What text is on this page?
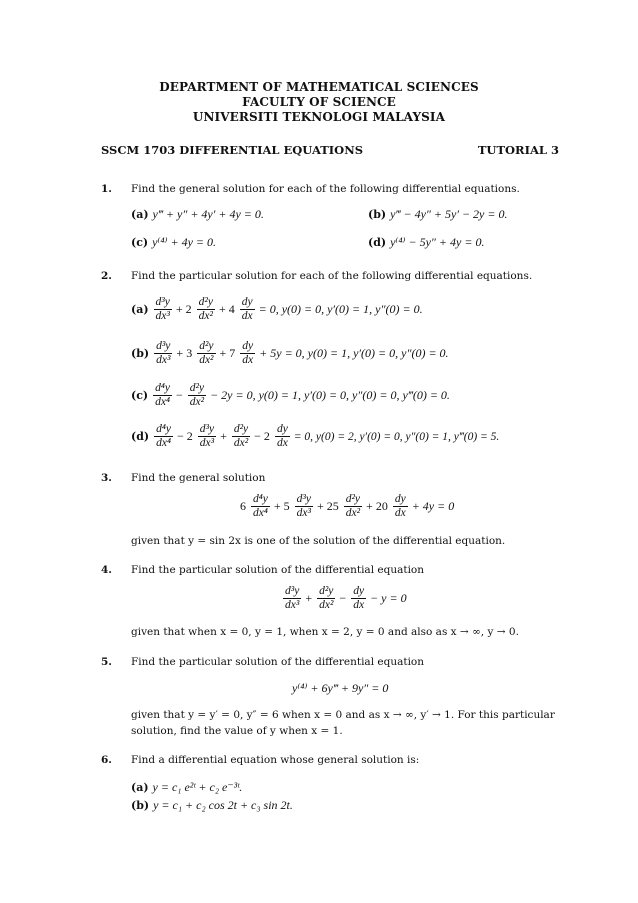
DEPARTMENT OF MATHEMATICAL SCIENCES
FACULTY OF SCIENCE
UNIVERSITI TEKNOLOGI MALAYSIA
SSCM 1703 DIFFERENTIAL EQUATIONS	TUTORIAL 3
1. Find the general solution for each of the following differential equations.
(a) y‴ + y″ + 4y′ + 4y = 0.	(b) y‴ − 4y″ + 5y′ − 2y = 0.
(c) y⁽⁴⁾ + 4y = 0.	(d) y⁽⁴⁾ − 5y″ + 4y = 0.
2. Find the particular solution for each of the following differential equations.
$(a) \frac{\text{d³y}}{\text{dx³}} + 2 \frac{\text{d²y}}{\text{dx²}} + 4 \frac{dy}{dx} = 0$, y(0) = 0, y′(0) = 1, y″(0) = 0.
$(b) \frac{\text{d³y}}{\text{dx³}} + 3 \frac{\text{d²y}}{\text{dx²}} + 7 \frac{dy}{dx} + 5y = 0$, y(0) = 1, y′(0) = 0, y″(0) = 0.
$(c) \frac{\text{d⁴y}}{\text{dx⁴}} - \frac{\text{d²y}}{\text{dx²}} - 2y = 0$, y(0) = 1, y′(0) = 0, y″(0) = 0, y‴(0) = 0.
$(d) \frac{\text{d⁴y}}{\text{dx⁴}} - 2 \frac{\text{d³y}}{\text{dx³}} + \frac{\text{d²y}}{\text{dx²}} - 2 \frac{dy}{dx} = 0$, y(0) = 2, y′(0) = 0, y″(0) = 1, y‴(0) = 5.
3. Find the general solution
$6 \frac{\text{d⁴y}}{\text{dx⁴}} + 5 \frac{\text{d³y}}{\text{dx³}} + 25 \frac{\text{d²y}}{\text{dx²}} + 20 \frac{dy}{dx} + 4y = 0$
given that y = sin 2x is one of the solution of the differential equation.
4. Find the particular solution of the differential equation
$\frac{\text{d³y}}{\text{dx³}} + \frac{\text{d²y}}{\text{dx²}} - \frac{dy}{dx} - y = 0$
given that when x = 0, y = 1, when x = 2, y = 0 and also as x → ∞, y → 0.
5. Find the particular solution of the differential equation
y⁽⁴⁾ + 6y‴ + 9y″ = 0
given that y = y′ = 0, y″ = 6 when x = 0 and as x → ∞, y′ → 1. For this particular
solution, find the value of y when x = 1.
6. Find a differential equation whose general solution is:
(a) y = c₁ e²ᵗ + c₂ e⁻³ᵗ.
(b) y = c₁ + c₂ cos 2t + c₃ sin 2t.
